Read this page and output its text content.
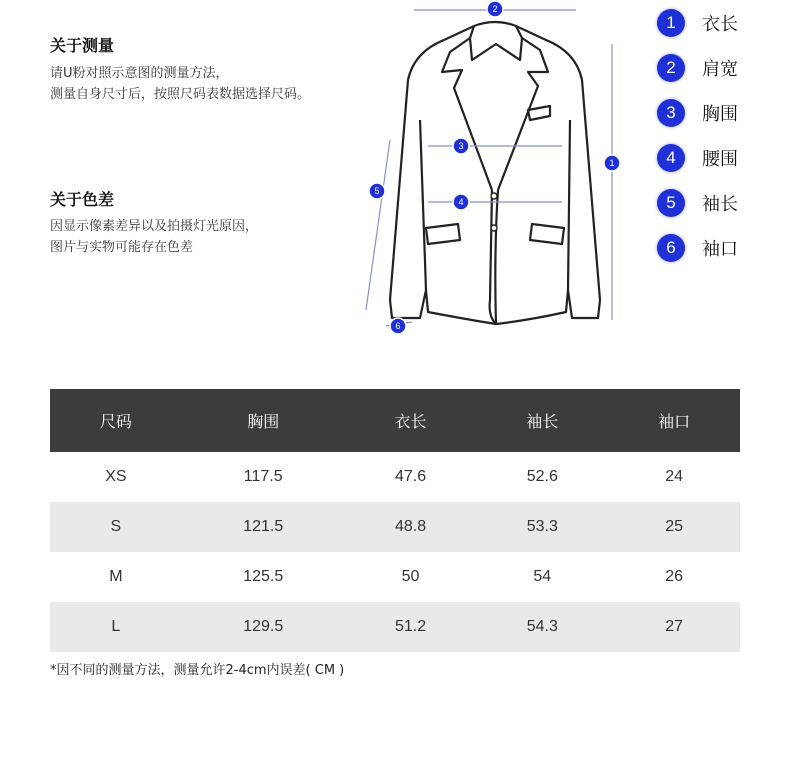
关于测量
请U粉对照示意图的测量方法，
测量自身尺寸后，按照尺码表数据选择尺码。
关于色差
因显示像素差异以及拍摄灯光原因，
图片与实物可能存在色差
1
2
3
4
5
6
1	衣长
2	肩宽
3	胸围
4	腰围
5	袖长
6	袖口
尺码	胸围	衣长	袖长	袖口
XS	117.5	47.6	52.6	24
S	121.5	48.8	53.3	25
M	125.5	50	54	26
L	129.5	51.2	54.3	27
*因不同的测量方法，测量允许2-4cm内误差( CM )
